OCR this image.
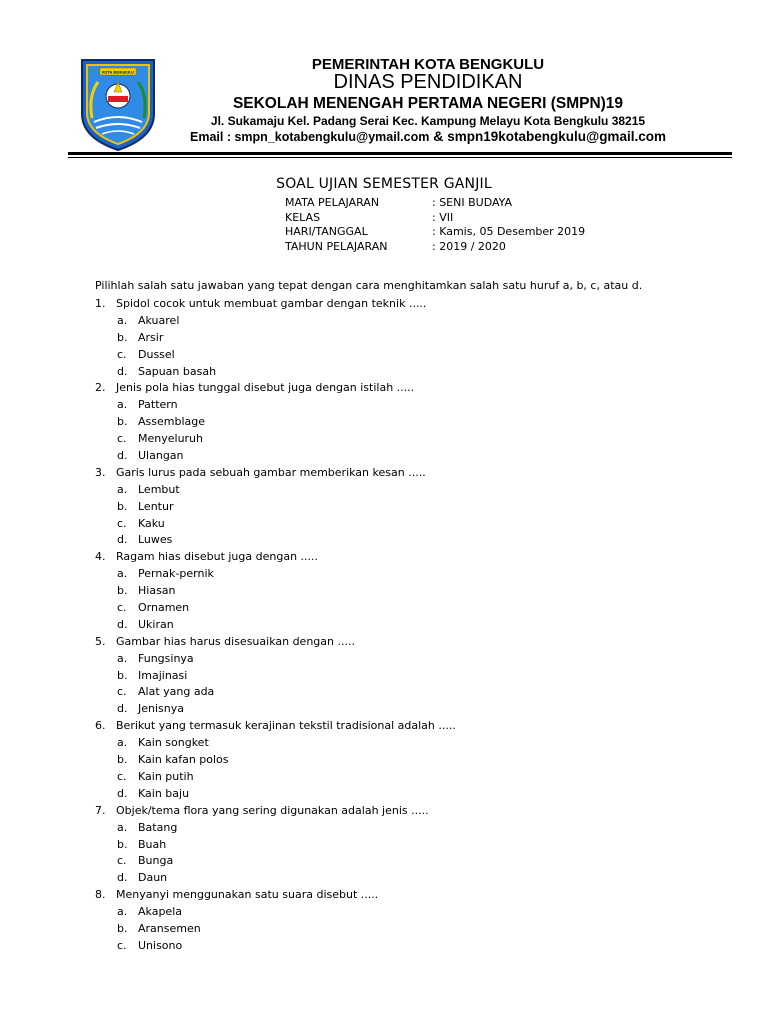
KOTA BENGKULU	PEMERINTAH KOTA BENGKULU
DINAS PENDIDIKAN
SEKOLAH MENENGAH PERTAMA NEGERI (SMPN)19
Jl. Sukamaju Kel. Padang Serai Kec. Kampung Melayu Kota Bengkulu 38215
Email : smpn_kotabengkulu@ymail.com & smpn19kotabengkulu@gmail.com
SOAL UJIAN SEMESTER GANJIL
MATA PELAJARAN	: SENI BUDAYA
KELAS	: VII
HARI/TANGGAL	: Kamis, 05 Desember 2019
TAHUN PELAJARAN	: 2019 / 2020
Pilihlah salah satu jawaban yang tepat dengan cara menghitamkan salah satu huruf a, b, c, atau d.
1. Spidol cocok untuk membuat gambar dengan teknik .....
a. Akuarel
b. Arsir
c. Dussel
d. Sapuan basah
2. Jenis pola hias tunggal disebut juga dengan istilah .....
a. Pattern
b. Assemblage
c. Menyeluruh
d. Ulangan
3. Garis lurus pada sebuah gambar memberikan kesan .....
a. Lembut
b. Lentur
c. Kaku
d. Luwes
4. Ragam hias disebut juga dengan .....
a. Pernak-pernik
b. Hiasan
c. Ornamen
d. Ukiran
5. Gambar hias harus disesuaikan dengan .....
a. Fungsinya
b. Imajinasi
c. Alat yang ada
d. Jenisnya
6. Berikut yang termasuk kerajinan tekstil tradisional adalah .....
a. Kain songket
b. Kain kafan polos
c. Kain putih
d. Kain baju
7. Objek/tema flora yang sering digunakan adalah jenis .....
a. Batang
b. Buah
c. Bunga
d. Daun
8. Menyanyi menggunakan satu suara disebut .....
a. Akapela
b. Aransemen
c. Unisono
